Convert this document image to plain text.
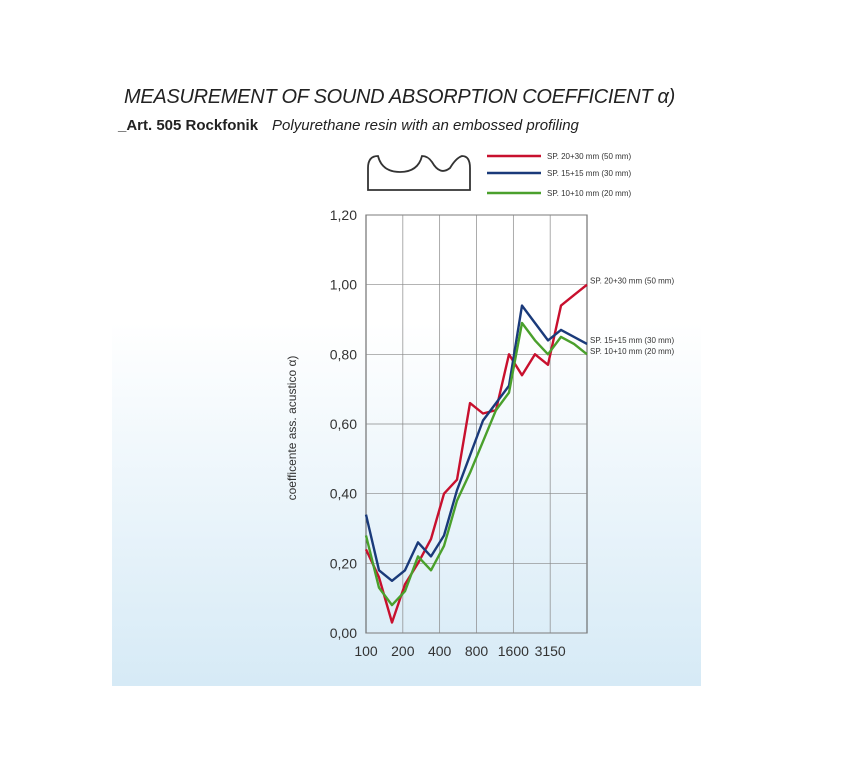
MEASUREMENT OF SOUND ABSORPTION COEFFICIENT α)
_Art. 505 Rockfonik Polyurethane resin with an embossed profiling
0,00
0,20
0,40
0,60
0,80
1,00
1,20
100 200 400 800 1600 3150
SP. 20+30 mm (50 mm)
SP. 15+15 mm (30 mm)
SP. 10+10 mm (20 mm)
SP. 20+30 mm (50 mm)
SP. 15+15 mm (30 mm)
SP. 10+10 mm (20 mm)
coefficente ass. acustico α)
